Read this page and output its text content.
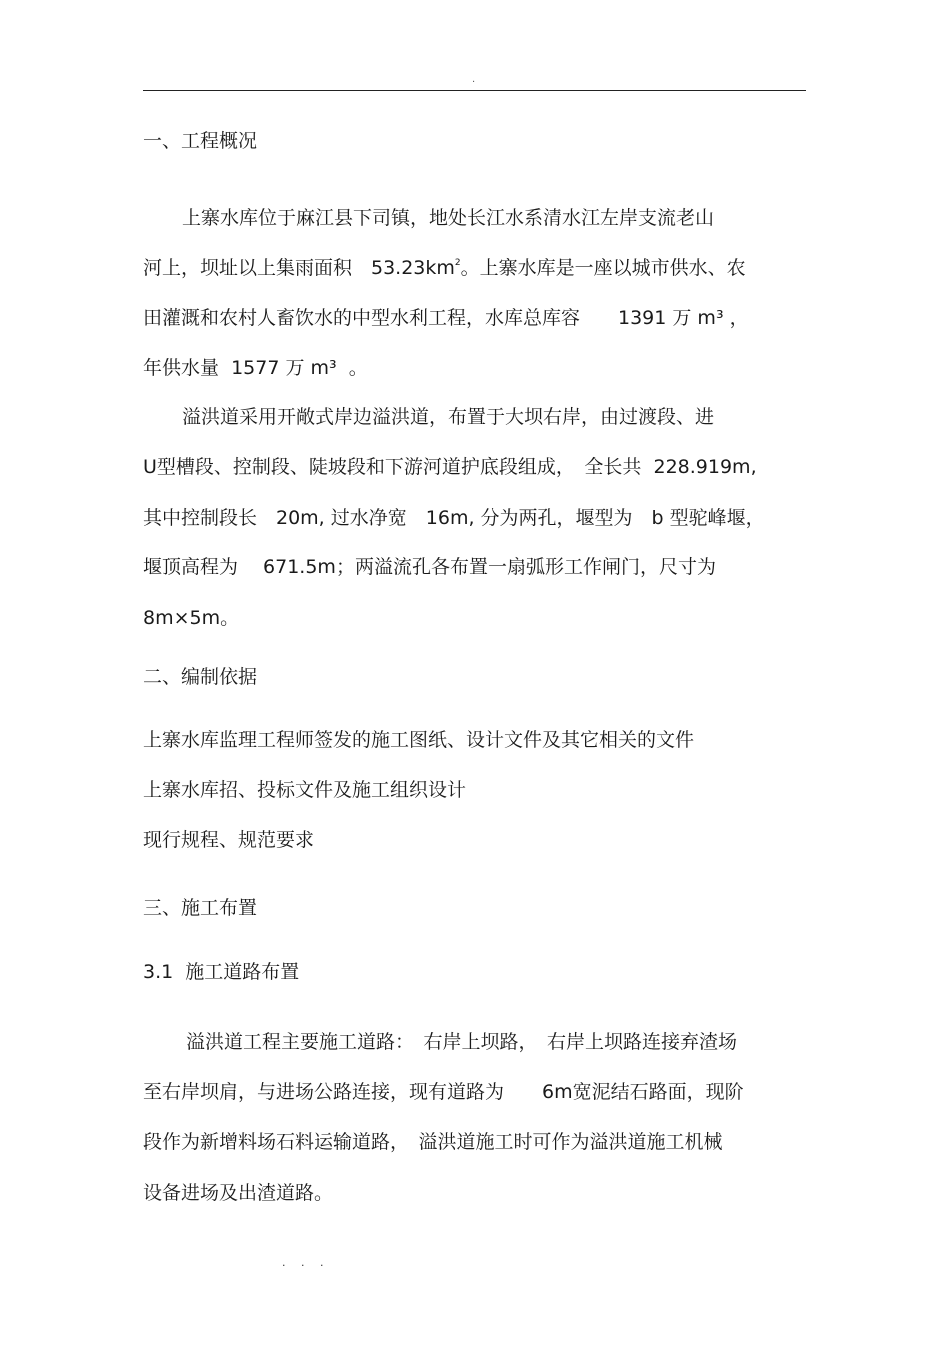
.
一、工程概况
上寨水库位于麻江县下司镇，地处长江水系清水江左岸支流老山
河上，坝址以上集雨面积　$53.23km^2$。上寨水库是一座以城市供水、农
田灌溉和农村人畜饮水的中型水利工程，水库总库容　　1391 万 m³ ，
年供水量  1577 万 m³  。
溢洪道采用开敞式岸边溢洪道，布置于大坝右岸，由过渡段、进
U型槽段、控制段、陡坡段和下游河道护底段组成，　全长共  228.919m,
其中控制段长　20m, 过水净宽　16m, 分为两孔，堰型为　b 型驼峰堰，
堰顶高程为　 671.5m；两溢流孔各布置一扇弧形工作闸门，尺寸为
8m×5m。
二、编制依据
上寨水库监理工程师签发的施工图纸、设计文件及其它相关的文件
上寨水库招、投标文件及施工组织设计
现行规程、规范要求
三、施工布置
3.1  施工道路布置
溢洪道工程主要施工道路：　右岸上坝路，　右岸上坝路连接弃渣场
至右岸坝肩，与进场公路连接，现有道路为　　6m宽泥结石路面，现阶
段作为新增料场石料运输道路，　溢洪道施工时可作为溢洪道施工机械
设备进场及出渣道路。
. . .
